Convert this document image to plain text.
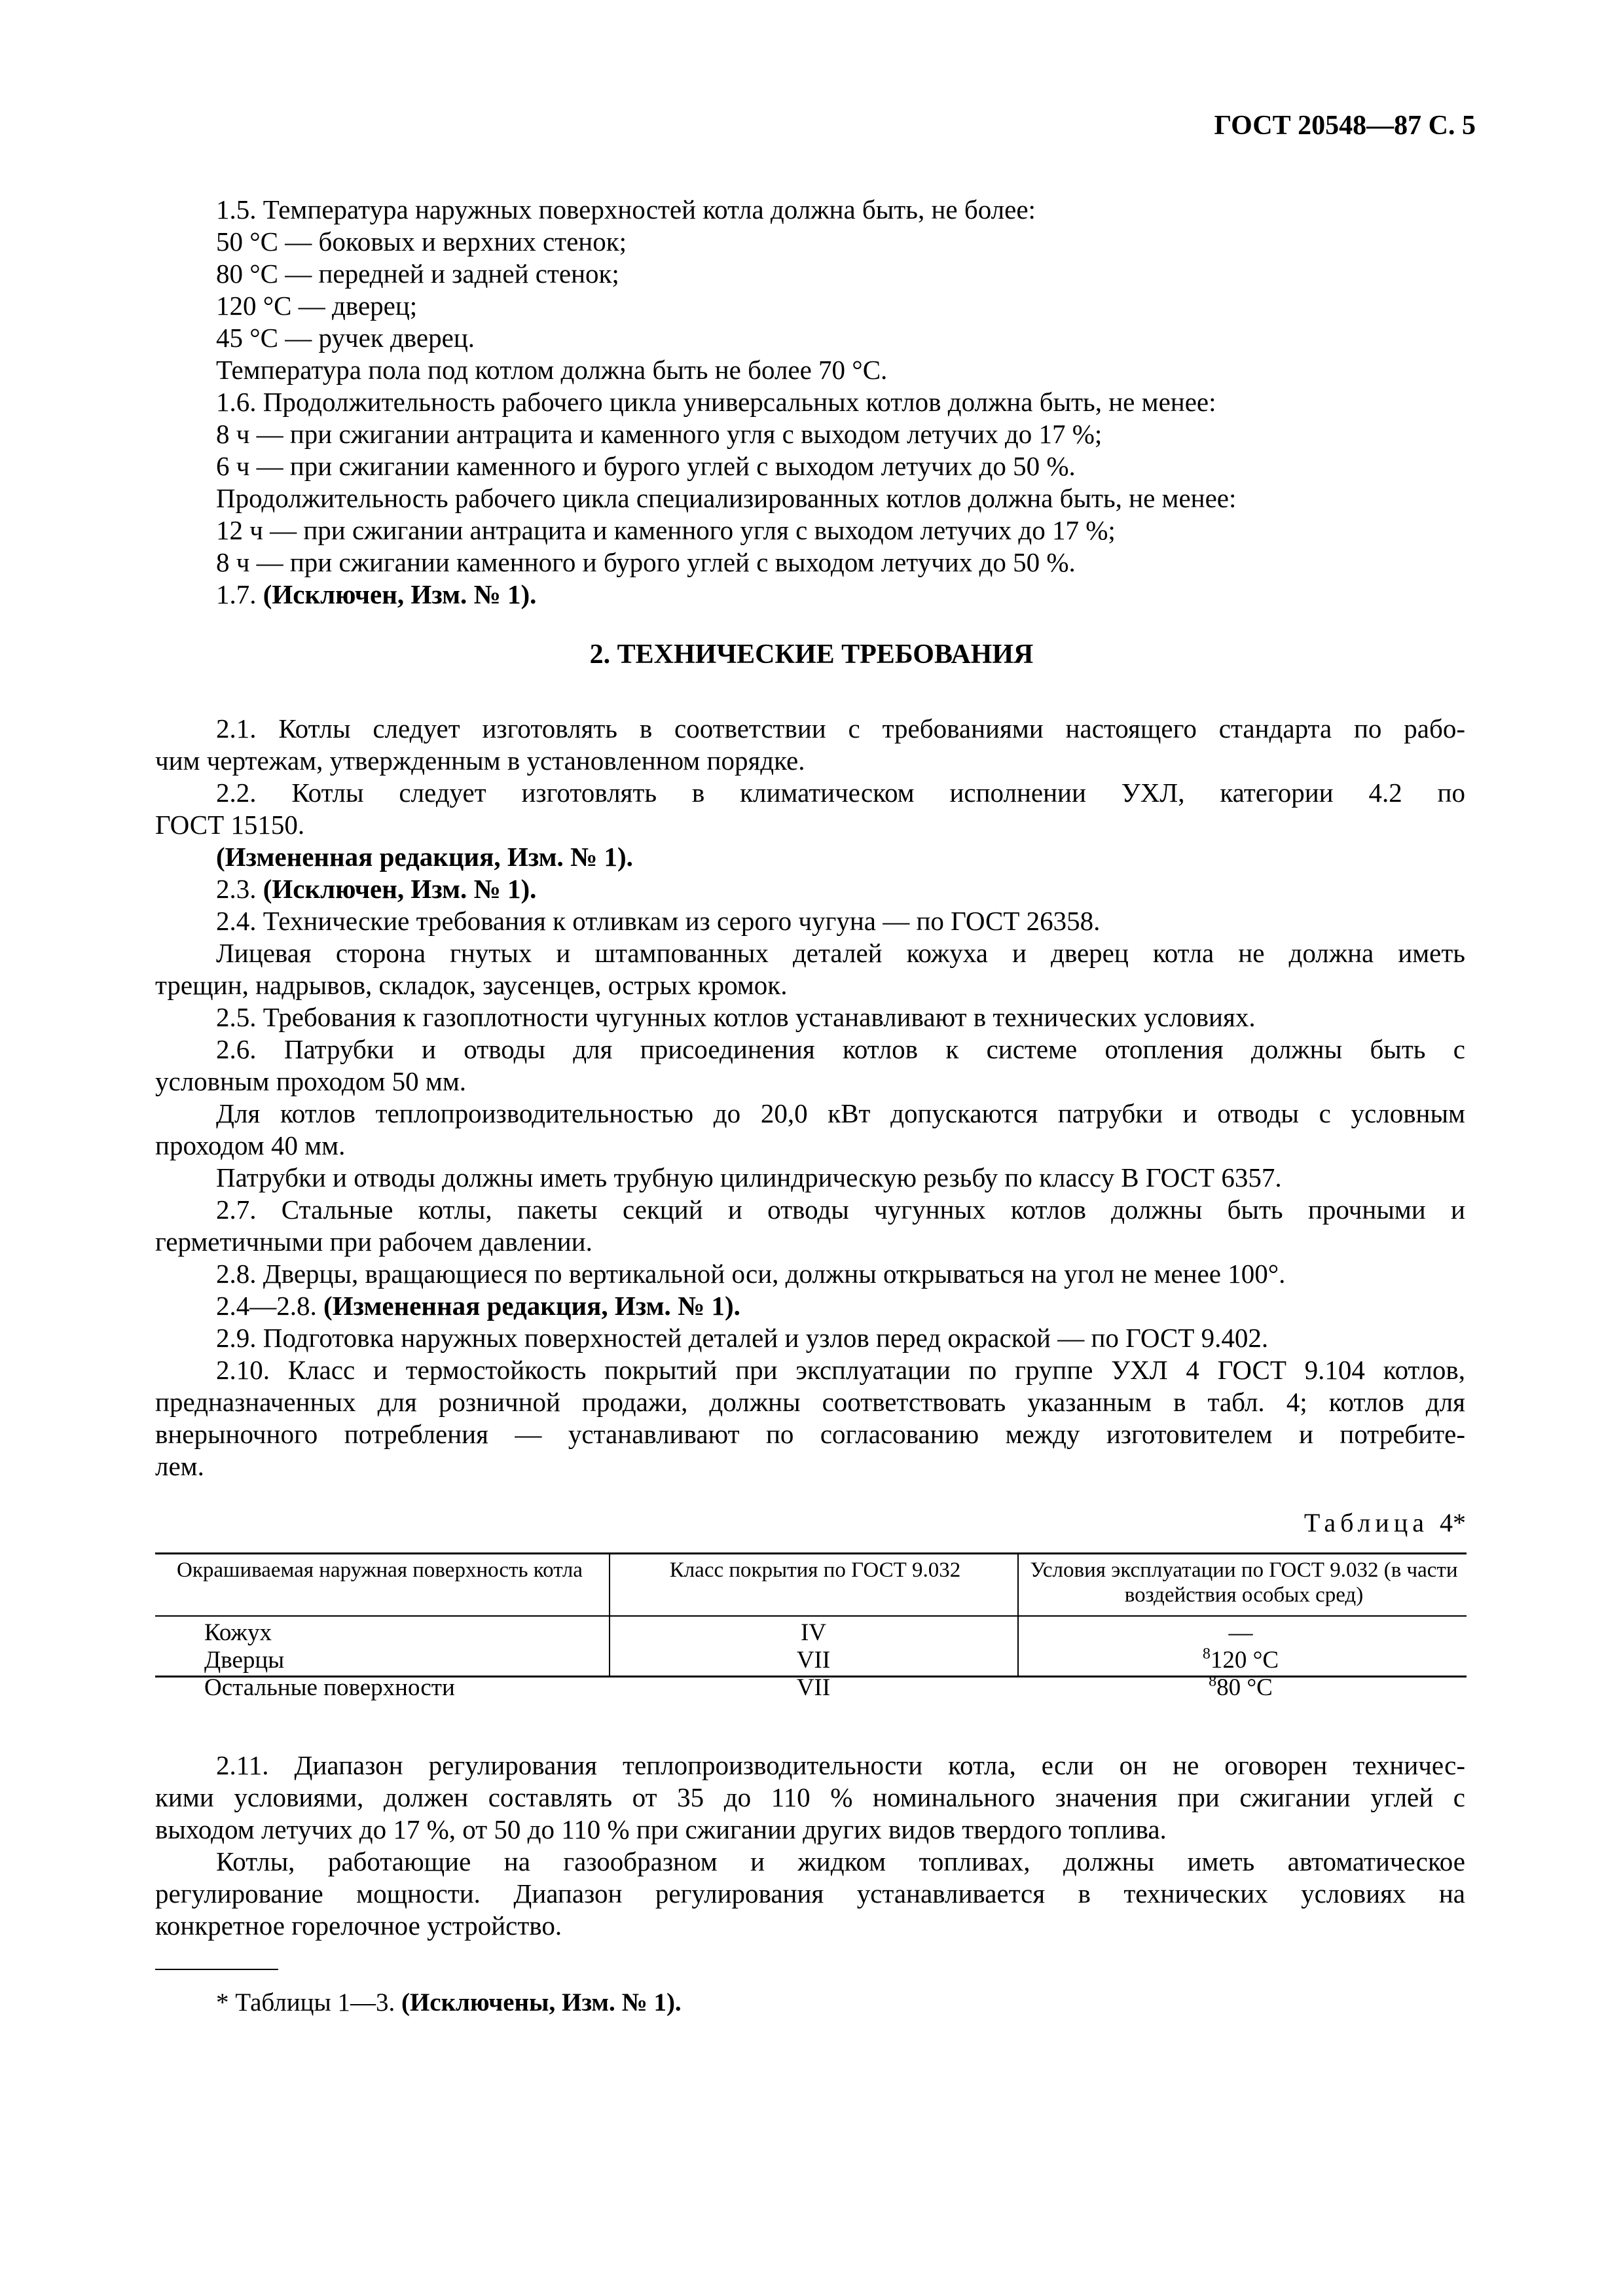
ГОСТ 20548—87 С. 5
1.5. Температура наружных поверхностей котла должна быть, не более:
50 °С — боковых и верхних стенок;
80 °С — передней и задней стенок;
120 °С — дверец;
45 °С — ручек дверец.
Температура пола под котлом должна быть не более 70 °С.
1.6. Продолжительность рабочего цикла универсальных котлов должна быть, не менее:
8 ч — при сжигании антрацита и каменного угля с выходом летучих до 17 %;
6 ч — при сжигании каменного и бурого углей с выходом летучих до 50 %.
Продолжительность рабочего цикла специализированных котлов должна быть, не менее:
12 ч — при сжигании антрацита и каменного угля с выходом летучих до 17 %;
8 ч — при сжигании каменного и бурого углей с выходом летучих до 50 %.
1.7. (Исключен, Изм. № 1).
2. ТЕХНИЧЕСКИЕ ТРЕБОВАНИЯ
2.1. Котлы следует изготовлять в соответствии с требованиями настоящего стандарта по рабо-
чим чертежам, утвержденным в установленном порядке.
2.2. Котлы следует изготовлять в климатическом исполнении УХЛ, категории 4.2 по
ГОСТ 15150.
(Измененная редакция, Изм. № 1).
2.3. (Исключен, Изм. № 1).
2.4. Технические требования к отливкам из серого чугуна — по ГОСТ 26358.
Лицевая сторона гнутых и штампованных деталей кожуха и дверец котла не должна иметь
трещин, надрывов, складок, заусенцев, острых кромок.
2.5. Требования к газоплотности чугунных котлов устанавливают в технических условиях.
2.6. Патрубки и отводы для присоединения котлов к системе отопления должны быть с
условным проходом 50 мм.
Для котлов теплопроизводительностью до 20,0 кВт допускаются патрубки и отводы с условным
проходом 40 мм.
Патрубки и отводы должны иметь трубную цилиндрическую резьбу по классу В ГОСТ 6357.
2.7. Стальные котлы, пакеты секций и отводы чугунных котлов должны быть прочными и
герметичными при рабочем давлении.
2.8. Дверцы, вращающиеся по вертикальной оси, должны открываться на угол не менее 100°.
2.4—2.8. (Измененная редакция, Изм. № 1).
2.9. Подготовка наружных поверхностей деталей и узлов перед окраской — по ГОСТ 9.402.
2.10. Класс и термостойкость покрытий при эксплуатации по группе УХЛ 4 ГОСТ 9.104 котлов,
предназначенных для розничной продажи, должны соответствовать указанным в табл. 4; котлов для
внерыночного потребления — устанавливают по согласованию между изготовителем и потребите-
лем.
Таблица 4*
Окрашиваемая наружная поверхность котла	Класс покрытия по ГОСТ 9.032	Условия эксплуатации по ГОСТ 9.032 (в части воздействия особых сред)
Кожух	IV	—
Дверцы	VII	$^8$120 °С
Остальные поверхности	VII	$^8$80 °С
2.11. Диапазон регулирования теплопроизводительности котла, если он не оговорен техничес-
кими условиями, должен составлять от 35 до 110 % номинального значения при сжигании углей с
выходом летучих до 17 %, от 50 до 110 % при сжигании других видов твердого топлива.
Котлы, работающие на газообразном и жидком топливах, должны иметь автоматическое
регулирование мощности. Диапазон регулирования устанавливается в технических условиях на
конкретное горелочное устройство.
* Таблицы 1—3. (Исключены, Изм. № 1).
